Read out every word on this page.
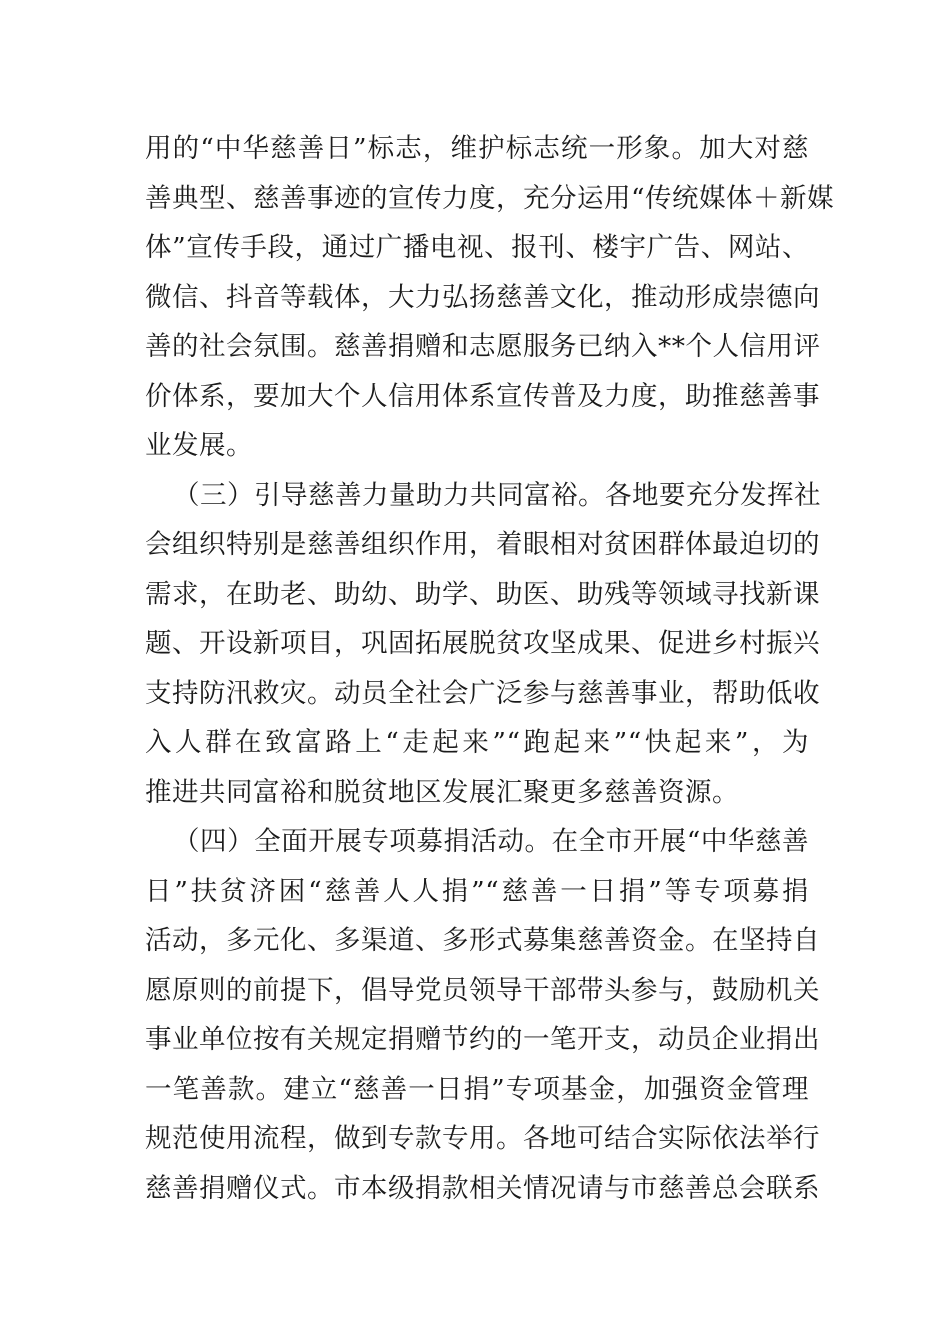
用的“中华慈善日”标志，维护标志统一形象。加大对慈
善典型、慈善事迹的宣传力度，充分运用“传统媒体＋新媒
体”宣传手段，通过广播电视、报刊、楼宇广告、网站、
微信、抖音等载体，大力弘扬慈善文化，推动形成崇德向
善的社会氛围。慈善捐赠和志愿服务已纳入**个人信用评
价体系，要加大个人信用体系宣传普及力度，助推慈善事
业发展。
（三）引导慈善力量助力共同富裕。各地要充分发挥社
会组织特别是慈善组织作用，着眼相对贫困群体最迫切的
需求，在助老、助幼、助学、助医、助残等领域寻找新课
题、开设新项目，巩固拓展脱贫攻坚成果、促进乡村振兴
支持防汛救灾。动员全社会广泛参与慈善事业，帮助低收
入人群在致富路上“走起来”“跑起来”“快起来”，为
推进共同富裕和脱贫地区发展汇聚更多慈善资源。
（四）全面开展专项募捐活动。在全市开展“中华慈善
日”扶贫济困“慈善人人捐”“慈善一日捐”等专项募捐
活动，多元化、多渠道、多形式募集慈善资金。在坚持自
愿原则的前提下，倡导党员领导干部带头参与，鼓励机关
事业单位按有关规定捐赠节约的一笔开支，动员企业捐出
一笔善款。建立“慈善一日捐”专项基金，加强资金管理
规范使用流程，做到专款专用。各地可结合实际依法举行
慈善捐赠仪式。市本级捐款相关情况请与市慈善总会联系
